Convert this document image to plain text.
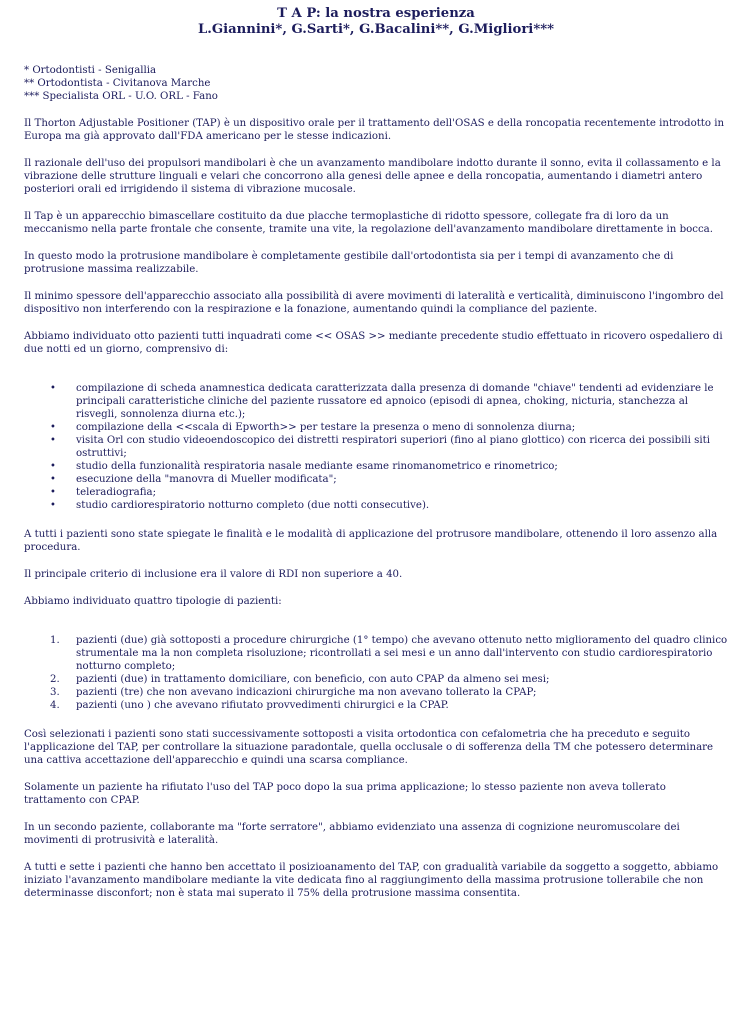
T A P: la nostra esperienza
L.Giannini*, G.Sarti*, G.Bacalini**, G.Migliori***
* Ortodontisti - Senigallia
** Ortodontista - Civitanova Marche
*** Specialista ORL - U.O. ORL - Fano

Il Thorton Adjustable Positioner (TAP) è un dispositivo orale per il trattamento dell'OSAS e della roncopatia recentemente introdotto in Europa ma già approvato dall'FDA americano per le stesse indicazioni.

Il razionale dell'uso dei propulsori mandibolari è che un avanzamento mandibolare indotto durante il sonno, evita il collassamento e la vibrazione delle strutture linguali e velari che concorrono alla genesi delle apnee e della roncopatia, aumentando i diametri antero posteriori orali ed irrigidendo il sistema di vibrazione mucosale.

Il Tap è un apparecchio bimascellare costituito da due placche termoplastiche di ridotto spessore, collegate fra di loro da un meccanismo nella parte frontale che consente, tramite una vite, la regolazione dell'avanzamento mandibolare direttamente in bocca.

In questo modo la protrusione mandibolare è completamente gestibile dall'ortodontista sia per i tempi di avanzamento che di protrusione massima realizzabile.

Il minimo spessore dell'apparecchio associato alla possibilità di avere movimenti di lateralità e verticalità, diminuiscono l'ingombro del dispositivo non interferendo con la respirazione e la fonazione, aumentando quindi la compliance del paziente.

Abbiamo individuato otto pazienti tutti inquadrati come << OSAS >> mediante precedente studio effettuato in ricovero ospedaliero di due notti ed un giorno, comprensivo di:

• compilazione di scheda anamnestica dedicata caratterizzata dalla presenza di domande "chiave" tendenti ad evidenziare le principali caratteristiche cliniche del paziente russatore ed apnoico (episodi di apnea, choking, nicturia, stanchezza al risvegli, sonnolenza diurna etc.);
• compilazione della <<scala di Epworth>> per testare la presenza o meno di sonnolenza diurna;
• visita Orl con studio videoendoscopico dei distretti respiratori superiori (fino al piano glottico) con ricerca dei possibili siti ostruttivi;
• studio della funzionalità respiratoria nasale mediante esame rinomanometrico e rinometrico;
• esecuzione della "manovra di Mueller modificata";
• teleradiografia;
• studio cardiorespiratorio notturno completo (due notti consecutive).

A tutti i pazienti sono state spiegate le finalità e le modalità di applicazione del protrusore mandibolare, ottenendo il loro assenzo alla procedura.

Il principale criterio di inclusione era il valore di RDI non superiore a 40.

Abbiamo individuato quattro tipologie di pazienti:

1. pazienti (due) già sottoposti a procedure chirurgiche (1° tempo) che avevano ottenuto netto miglioramento del quadro clinico strumentale ma la non completa risoluzione; ricontrollati a sei mesi e un anno dall'intervento con studio cardiorespiratorio notturno completo;
2. pazienti (due) in trattamento domiciliare, con beneficio, con auto CPAP da almeno sei mesi;
3. pazienti (tre) che non avevano indicazioni chirurgiche ma non avevano tollerato la CPAP;
4. pazienti (uno ) che avevano rifiutato provvedimenti chirurgici e la CPAP.

Così selezionati i pazienti sono stati successivamente sottoposti a visita ortodontica con cefalometria che ha preceduto e seguito l'applicazione del TAP, per controllare la situazione paradontale, quella occlusale o di sofferenza della TM che potessero determinare una cattiva accettazione dell'apparecchio e quindi una scarsa compliance.

Solamente un paziente ha rifiutato l'uso del TAP poco dopo la sua prima applicazione; lo stesso paziente non aveva tollerato trattamento con CPAP.

In un secondo paziente, collaborante ma "forte serratore", abbiamo evidenziato una assenza di cognizione neuromuscolare dei movimenti di protrusività e lateralità.

A tutti e sette i pazienti che hanno ben accettato il posizioanamento del TAP, con gradualità variabile da soggetto a soggetto, abbiamo iniziato l'avanzamento mandibolare mediante la vite dedicata fino al raggiungimento della massima protrusione tollerabile che non determinasse disconfort; non è stata mai superato il 75% della protrusione massima consentita.
